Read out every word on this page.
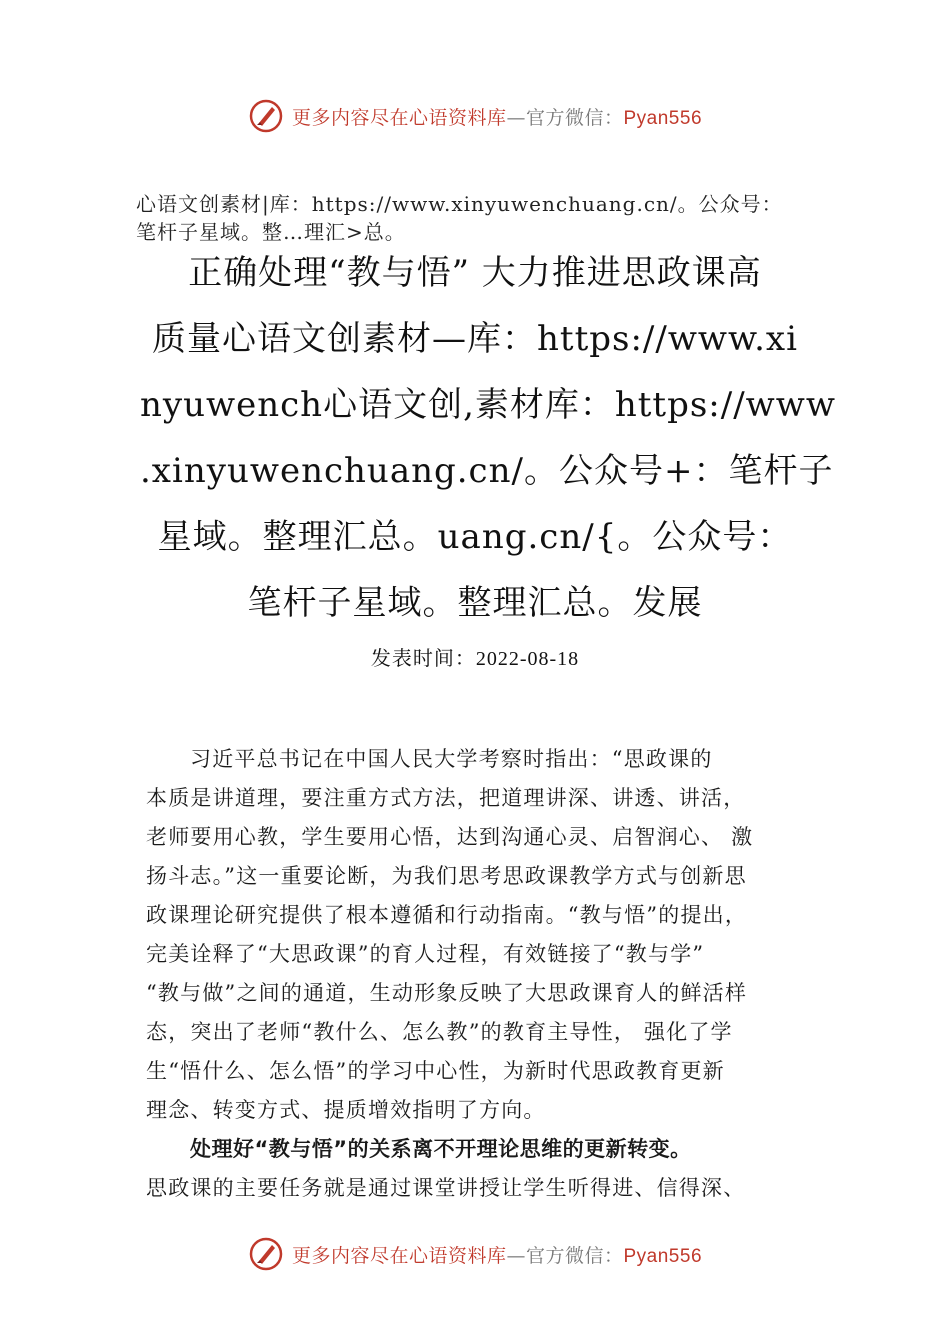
更多内容尽在心语资料库—官方微信：Pyan556
心语文创素材|库：https://www.xinyuwenchuang.cn/。公众号：
笔杆子星域。整…理汇>总。
正确处理“教与悟” 大力推进思政课高
质量心语文创素材—库：https://www.xi
nyuwench心语文创,素材库：https://www
.xinyuwenchuang.cn/。公众号+：笔杆子
星域。整理汇总。uang.cn/{。公众号：
笔杆子星域。整理汇总。发展
发表时间：2022-08-18

习近平总书记在中国人民大学考察时指出：“思政课的
本质是讲道理，要注重方式方法，把道理讲深、讲透、讲活，
老师要用心教，学生要用心悟，达到沟通心灵、启智润心、 激
扬斗志。”这一重要论断，为我们思考思政课教学方式与创新思
政课理论研究提供了根本遵循和行动指南。“教与悟”的提出，
完美诠释了“大思政课”的育人过程，有效链接了“教与学”
“教与做”之间的通道，生动形象反映了大思政课育人的鲜活样
态，突出了老师“教什么、怎么教”的教育主导性， 强化了学
生“悟什么、怎么悟”的学习中心性，为新时代思政教育更新
理念、转变方式、提质增效指明了方向。

处理好“教与悟”的关系离不开理论思维的更新转变。

思政课的主要任务就是通过课堂讲授让学生听得进、信得深、

更多内容尽在心语资料库—官方微信：Pyan556
